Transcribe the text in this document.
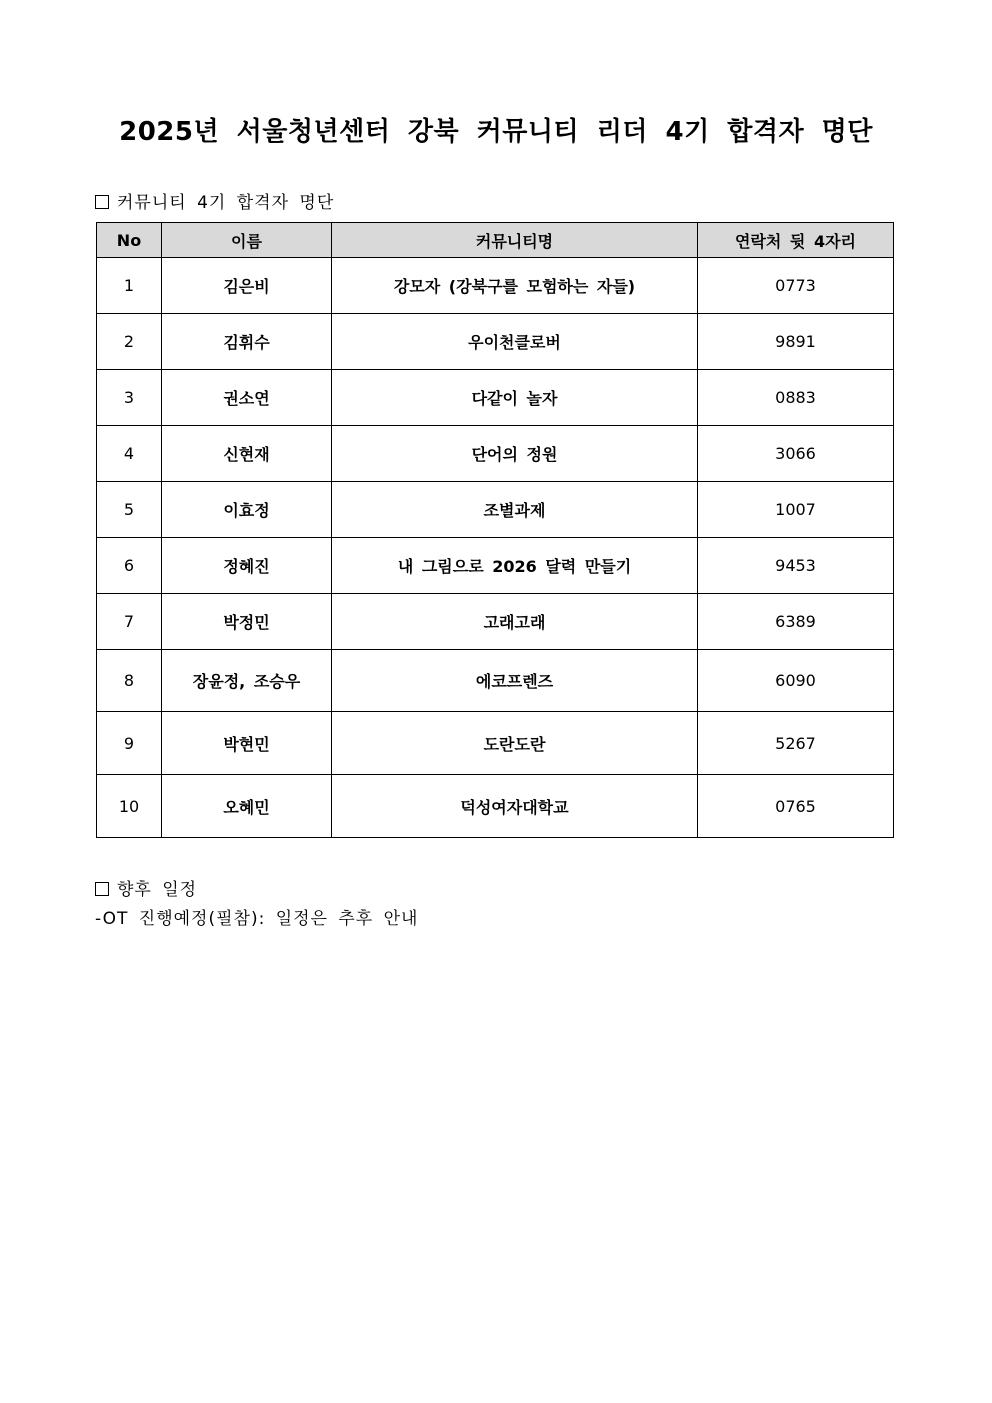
2025년 서울청년센터 강북 커뮤니티 리더 4기 합격자 명단
커뮤니티 4기 합격자 명단
No	이름	커뮤니티명	연락처 뒷 4자리
1	김은비	강모자 (강북구를 모험하는 자들)	0773
2	김휘수	우이천클로버	9891
3	권소연	다같이 놀자	0883
4	신현재	단어의 정원	3066
5	이효정	조별과제	1007
6	정혜진	내 그림으로 2026 달력 만들기	9453
7	박정민	고래고래	6389
8	장윤정, 조승우	에코프렌즈	6090
9	박현민	도란도란	5267
10	오혜민	덕성여자대학교	0765
향후 일정
-OT 진행예정(필참): 일정은 추후 안내
